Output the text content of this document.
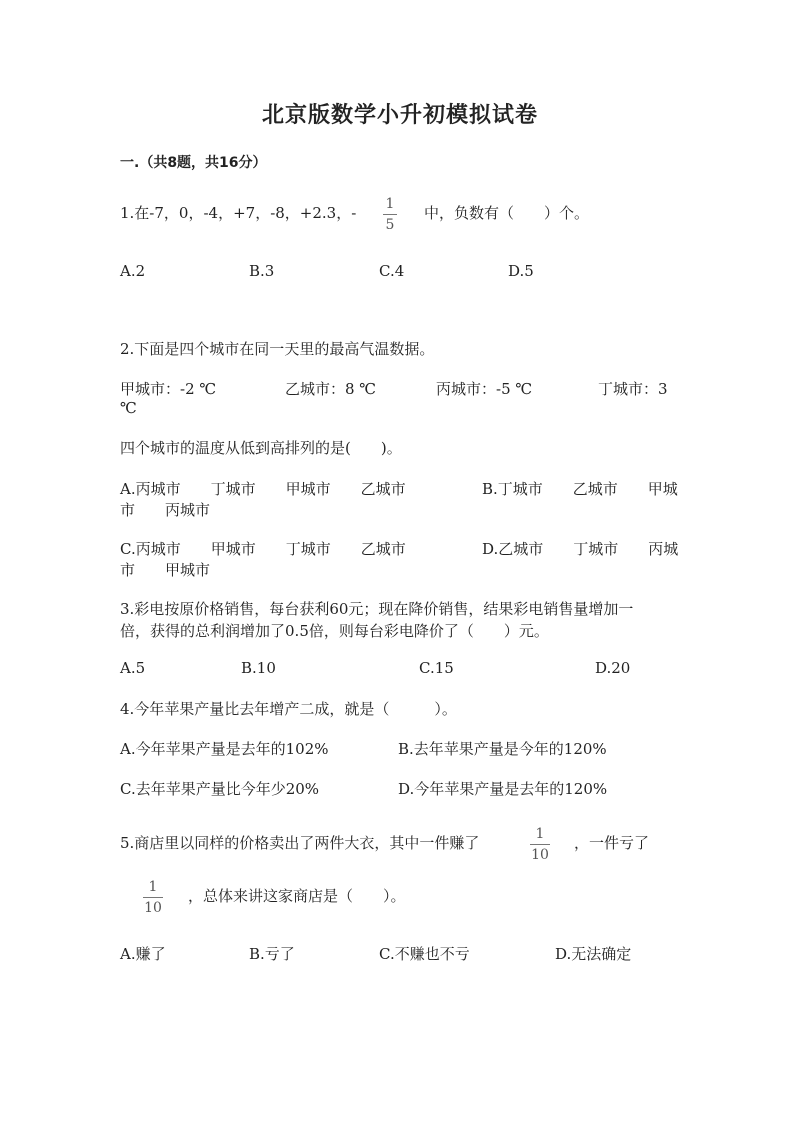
北京版数学小升初模拟试卷
一.（共8题，共16分）
1.在-7，0，-4，+7，-8，+2.3，- 1
5
中，负数有（　　）个。
A.2	B.3	C.4	D.5
2.下面是四个城市在同一天里的最高气温数据。
甲城市：-2 ℃	乙城市：8 ℃	丙城市：-5 ℃	丁城市：3
℃
四个城市的温度从低到高排列的是(　　)。
A.丙城市　　丁城市　　甲城市　　乙城市	B.丁城市　　乙城市　　甲城
市　　丙城市
C.丙城市　　甲城市　　丁城市　　乙城市	D.乙城市　　丁城市　　丙城
市　　甲城市
3.彩电按原价格销售，每台获利60元；现在降价销售，结果彩电销售量增加一
倍，获得的总利润增加了0.5倍，则每台彩电降价了（　　）元。
A.5	B.10	C.15	D.20
4.今年苹果产量比去年增产二成，就是（　　　）。
A.今年苹果产量是去年的102%	B.去年苹果产量是今年的120%
C.去年苹果产量比今年少20%	D.今年苹果产量是去年的120%
5.商店里以同样的价格卖出了两件大衣，其中一件赚了	1
10
，一件亏了
1
10
，总体来讲这家商店是（　　）。
A.赚了	B.亏了	C.不赚也不亏	D.无法确定
